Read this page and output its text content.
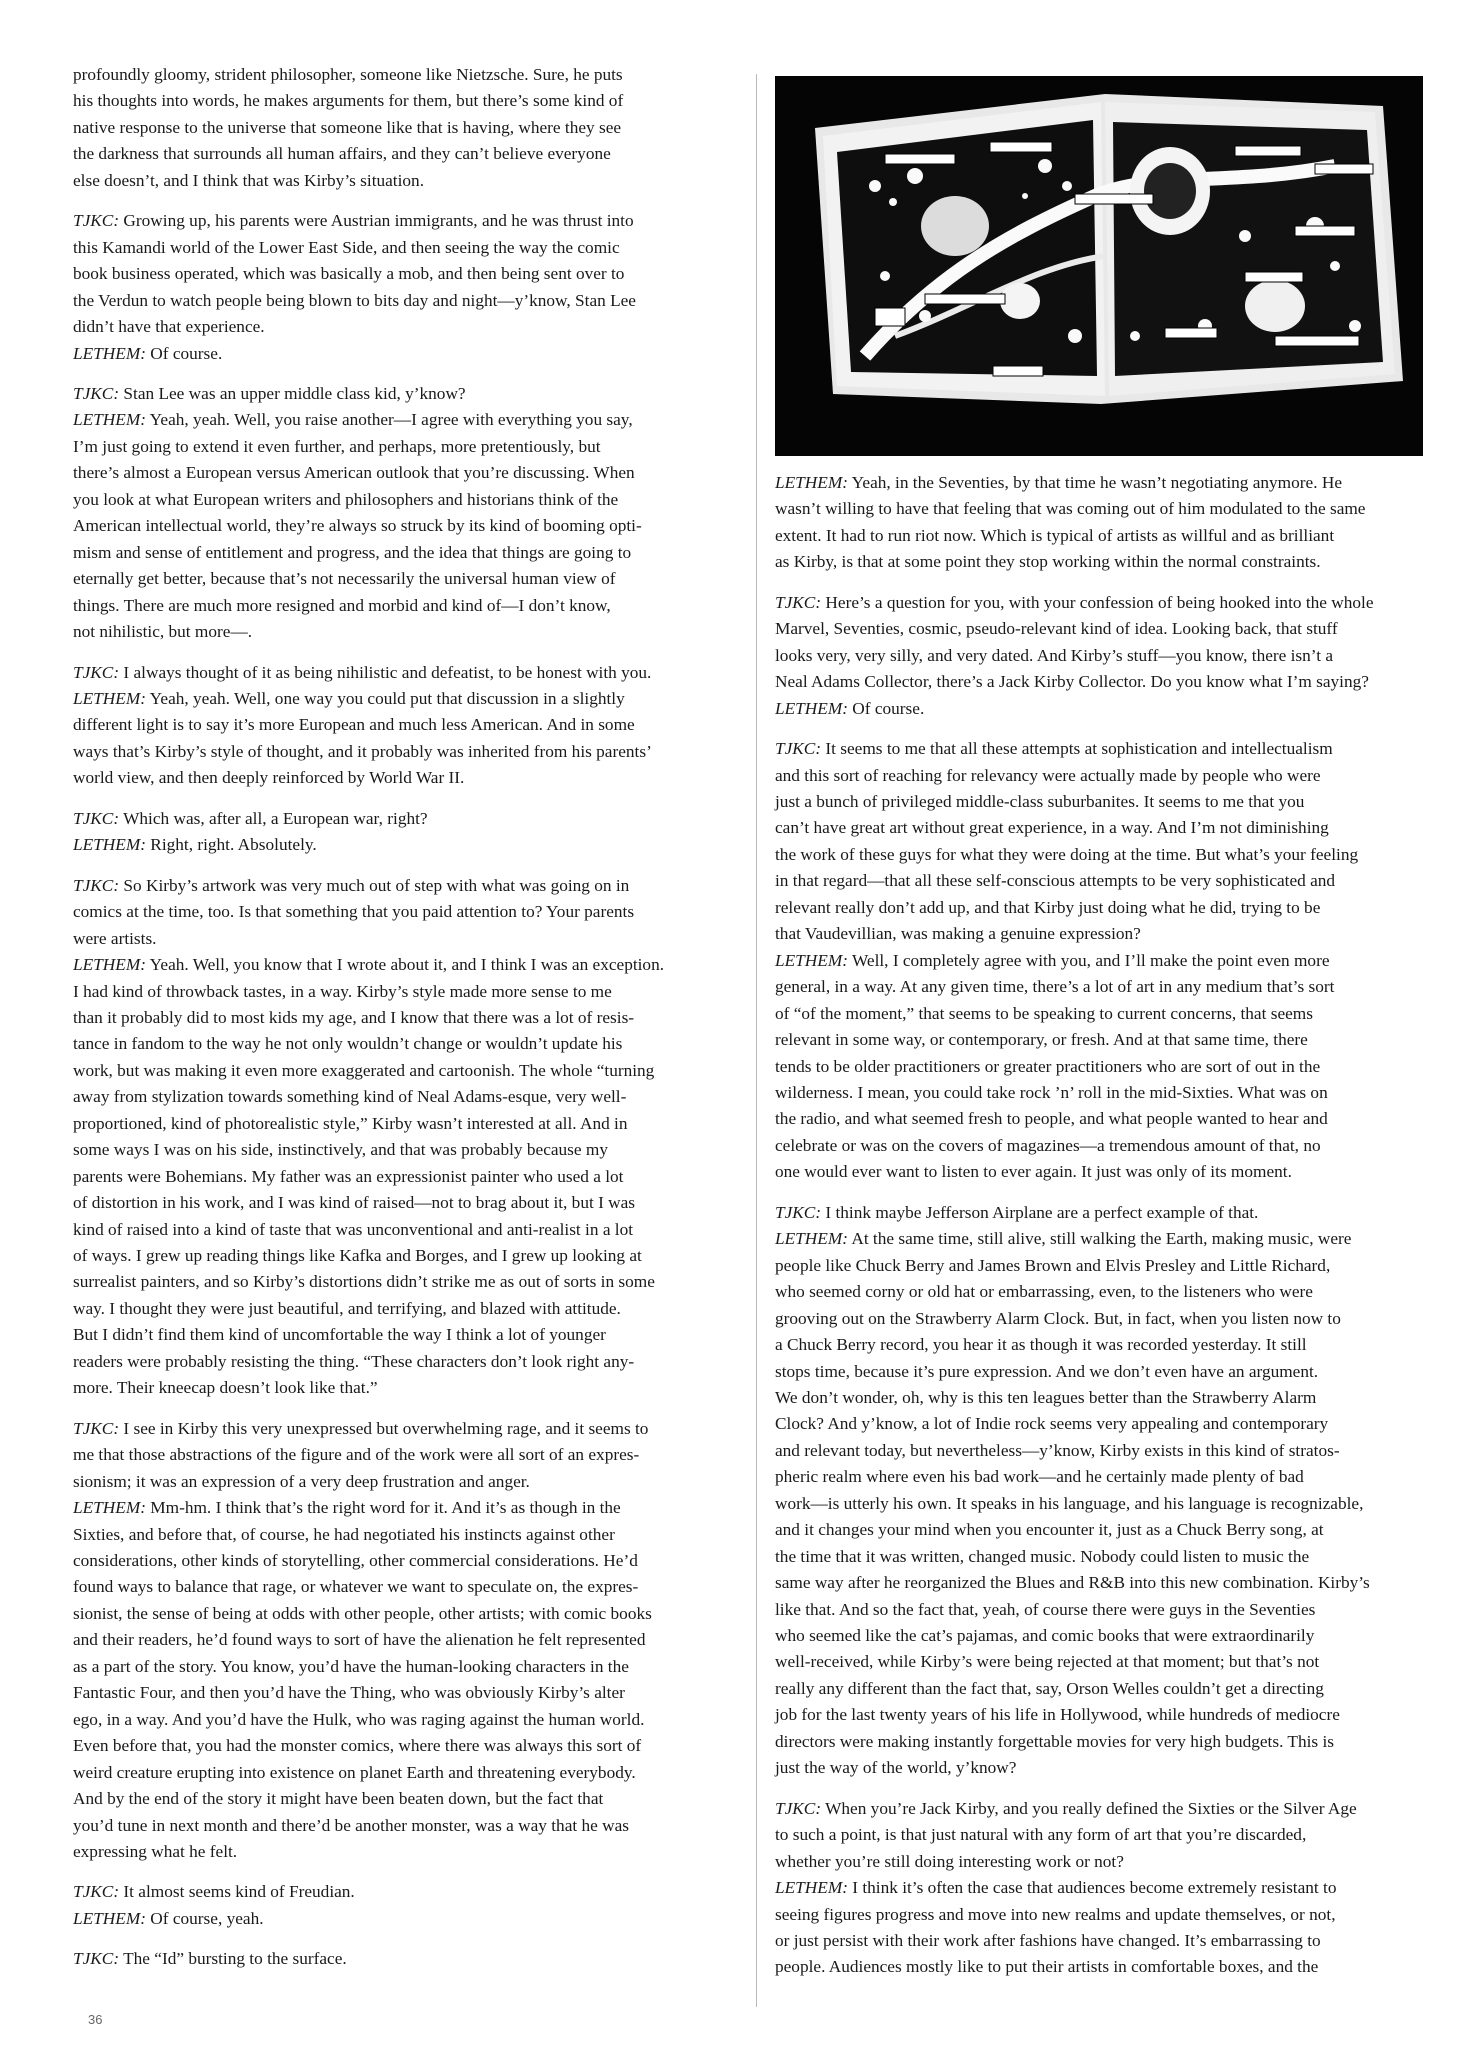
profoundly gloomy, strident philosopher, someone like Nietzsche. Sure, he puts
his thoughts into words, he makes arguments for them, but there’s some kind of
native response to the universe that someone like that is having, where they see
the darkness that surrounds all human affairs, and they can’t believe everyone
else doesn’t, and I think that was Kirby’s situation.

TJKC: Growing up, his parents were Austrian immigrants, and he was thrust into
this Kamandi world of the Lower East Side, and then seeing the way the comic
book business operated, which was basically a mob, and then being sent over to
the Verdun to watch people being blown to bits day and night—y’know, Stan Lee
didn’t have that experience.
LETHEM: Of course.

TJKC: Stan Lee was an upper middle class kid, y’know?
LETHEM: Yeah, yeah. Well, you raise another—I agree with everything you say,
I’m just going to extend it even further, and perhaps, more pretentiously, but
there’s almost a European versus American outlook that you’re discussing. When
you look at what European writers and philosophers and historians think of the
American intellectual world, they’re always so struck by its kind of booming opti-
mism and sense of entitlement and progress, and the idea that things are going to
eternally get better, because that’s not necessarily the universal human view of
things. There are much more resigned and morbid and kind of—I don’t know,
not nihilistic, but more—.

TJKC: I always thought of it as being nihilistic and defeatist, to be honest with you.
LETHEM: Yeah, yeah. Well, one way you could put that discussion in a slightly
different light is to say it’s more European and much less American. And in some
ways that’s Kirby’s style of thought, and it probably was inherited from his parents’
world view, and then deeply reinforced by World War II.

TJKC: Which was, after all, a European war, right?
LETHEM: Right, right. Absolutely.

TJKC: So Kirby’s artwork was very much out of step with what was going on in
comics at the time, too. Is that something that you paid attention to? Your parents
were artists.
LETHEM: Yeah. Well, you know that I wrote about it, and I think I was an exception.
I had kind of throwback tastes, in a way. Kirby’s style made more sense to me
than it probably did to most kids my age, and I know that there was a lot of resis-
tance in fandom to the way he not only wouldn’t change or wouldn’t update his
work, but was making it even more exaggerated and cartoonish. The whole “turning
away from stylization towards something kind of Neal Adams-esque, very well-
proportioned, kind of photorealistic style,” Kirby wasn’t interested at all. And in
some ways I was on his side, instinctively, and that was probably because my
parents were Bohemians. My father was an expressionist painter who used a lot
of distortion in his work, and I was kind of raised—not to brag about it, but I was
kind of raised into a kind of taste that was unconventional and anti-realist in a lot
of ways. I grew up reading things like Kafka and Borges, and I grew up looking at
surrealist painters, and so Kirby’s distortions didn’t strike me as out of sorts in some
way. I thought they were just beautiful, and terrifying, and blazed with attitude.
But I didn’t find them kind of uncomfortable the way I think a lot of younger
readers were probably resisting the thing. “These characters don’t look right any-
more. Their kneecap doesn’t look like that.”

TJKC: I see in Kirby this very unexpressed but overwhelming rage, and it seems to
me that those abstractions of the figure and of the work were all sort of an expres-
sionism; it was an expression of a very deep frustration and anger.
LETHEM: Mm-hm. I think that’s the right word for it. And it’s as though in the
Sixties, and before that, of course, he had negotiated his instincts against other
considerations, other kinds of storytelling, other commercial considerations. He’d
found ways to balance that rage, or whatever we want to speculate on, the expres-
sionist, the sense of being at odds with other people, other artists; with comic books
and their readers, he’d found ways to sort of have the alienation he felt represented
as a part of the story. You know, you’d have the human-looking characters in the
Fantastic Four, and then you’d have the Thing, who was obviously Kirby’s alter
ego, in a way. And you’d have the Hulk, who was raging against the human world.
Even before that, you had the monster comics, where there was always this sort of
weird creature erupting into existence on planet Earth and threatening everybody.
And by the end of the story it might have been beaten down, but the fact that
you’d tune in next month and there’d be another monster, was a way that he was
expressing what he felt.

TJKC: It almost seems kind of Freudian.
LETHEM: Of course, yeah.

TJKC: The “Id” bursting to the surface.

LETHEM: Yeah, in the Seventies, by that time he wasn’t negotiating anymore. He
wasn’t willing to have that feeling that was coming out of him modulated to the same
extent. It had to run riot now. Which is typical of artists as willful and as brilliant
as Kirby, is that at some point they stop working within the normal constraints.

TJKC: Here’s a question for you, with your confession of being hooked into the whole
Marvel, Seventies, cosmic, pseudo-relevant kind of idea. Looking back, that stuff
looks very, very silly, and very dated. And Kirby’s stuff—you know, there isn’t a
Neal Adams Collector, there’s a Jack Kirby Collector. Do you know what I’m saying?
LETHEM: Of course.

TJKC: It seems to me that all these attempts at sophistication and intellectualism
and this sort of reaching for relevancy were actually made by people who were
just a bunch of privileged middle-class suburbanites. It seems to me that you
can’t have great art without great experience, in a way. And I’m not diminishing
the work of these guys for what they were doing at the time. But what’s your feeling
in that regard—that all these self-conscious attempts to be very sophisticated and
relevant really don’t add up, and that Kirby just doing what he did, trying to be
that Vaudevillian, was making a genuine expression?
LETHEM: Well, I completely agree with you, and I’ll make the point even more
general, in a way. At any given time, there’s a lot of art in any medium that’s sort
of “of the moment,” that seems to be speaking to current concerns, that seems
relevant in some way, or contemporary, or fresh. And at that same time, there
tends to be older practitioners or greater practitioners who are sort of out in the
wilderness. I mean, you could take rock ’n’ roll in the mid-Sixties. What was on
the radio, and what seemed fresh to people, and what people wanted to hear and
celebrate or was on the covers of magazines—a tremendous amount of that, no
one would ever want to listen to ever again. It just was only of its moment.

TJKC: I think maybe Jefferson Airplane are a perfect example of that.
LETHEM: At the same time, still alive, still walking the Earth, making music, were
people like Chuck Berry and James Brown and Elvis Presley and Little Richard,
who seemed corny or old hat or embarrassing, even, to the listeners who were
grooving out on the Strawberry Alarm Clock. But, in fact, when you listen now to
a Chuck Berry record, you hear it as though it was recorded yesterday. It still
stops time, because it’s pure expression. And we don’t even have an argument.
We don’t wonder, oh, why is this ten leagues better than the Strawberry Alarm
Clock? And y’know, a lot of Indie rock seems very appealing and contemporary
and relevant today, but nevertheless—y’know, Kirby exists in this kind of stratos-
pheric realm where even his bad work—and he certainly made plenty of bad
work—is utterly his own. It speaks in his language, and his language is recognizable,
and it changes your mind when you encounter it, just as a Chuck Berry song, at
the time that it was written, changed music. Nobody could listen to music the
same way after he reorganized the Blues and R&B into this new combination. Kirby’s
like that. And so the fact that, yeah, of course there were guys in the Seventies
who seemed like the cat’s pajamas, and comic books that were extraordinarily
well-received, while Kirby’s were being rejected at that moment; but that’s not
really any different than the fact that, say, Orson Welles couldn’t get a directing
job for the last twenty years of his life in Hollywood, while hundreds of mediocre
directors were making instantly forgettable movies for very high budgets. This is
just the way of the world, y’know?

TJKC: When you’re Jack Kirby, and you really defined the Sixties or the Silver Age
to such a point, is that just natural with any form of art that you’re discarded,
whether you’re still doing interesting work or not?
LETHEM: I think it’s often the case that audiences become extremely resistant to
seeing figures progress and move into new realms and update themselves, or not,
or just persist with their work after fashions have changed. It’s embarrassing to
people. Audiences mostly like to put their artists in comfortable boxes, and the

36
